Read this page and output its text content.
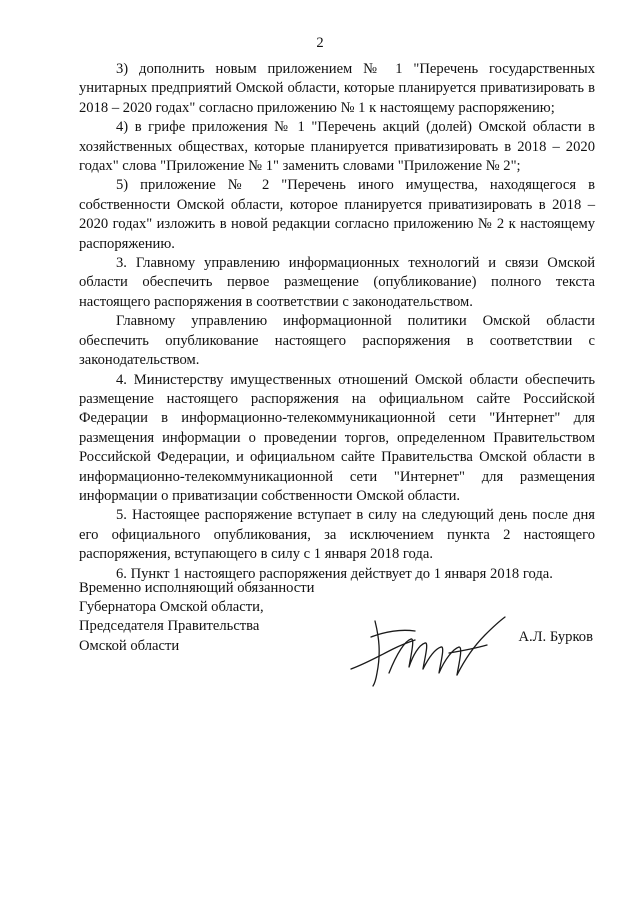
2

3) дополнить новым приложением № 1 "Перечень государственных унитарных предприятий Омской области, которые планируется приватизировать в 2018 – 2020 годах" согласно приложению № 1 к настоящему распоряжению;

4) в грифе приложения № 1 "Перечень акций (долей) Омской области в хозяйственных обществах, которые планируется приватизировать в 2018 – 2020 годах" слова "Приложение № 1" заменить словами "Приложение № 2";

5) приложение № 2 "Перечень иного имущества, находящегося в собственности Омской области, которое планируется приватизировать в 2018 – 2020 годах" изложить в новой редакции согласно приложению № 2 к настоящему распоряжению.

3. Главному управлению информационных технологий и связи Омской области обеспечить первое размещение (опубликование) полного текста настоящего распоряжения в соответствии с законодательством.

Главному управлению информационной политики Омской области обеспечить опубликование настоящего распоряжения в соответствии с законодательством.

4. Министерству имущественных отношений Омской области обеспечить размещение настоящего распоряжения на официальном сайте Российской Федерации в информационно-телекоммуникационной сети "Интернет" для размещения информации о проведении торгов, определенном Правительством Российской Федерации, и официальном сайте Правительства Омской области в информационно-телекоммуникационной сети "Интернет" для размещения информации о приватизации собственности Омской области.

5. Настоящее распоряжение вступает в силу на следующий день после дня его официального опубликования, за исключением пункта 2 настоящего распоряжения, вступающего в силу с 1 января 2018 года.

6. Пункт 1 настоящего распоряжения действует до 1 января 2018 года.

Временно исполняющий обязанности
Губернатора Омской области,
Председателя Правительства
Омской области
А.Л. Бурков
